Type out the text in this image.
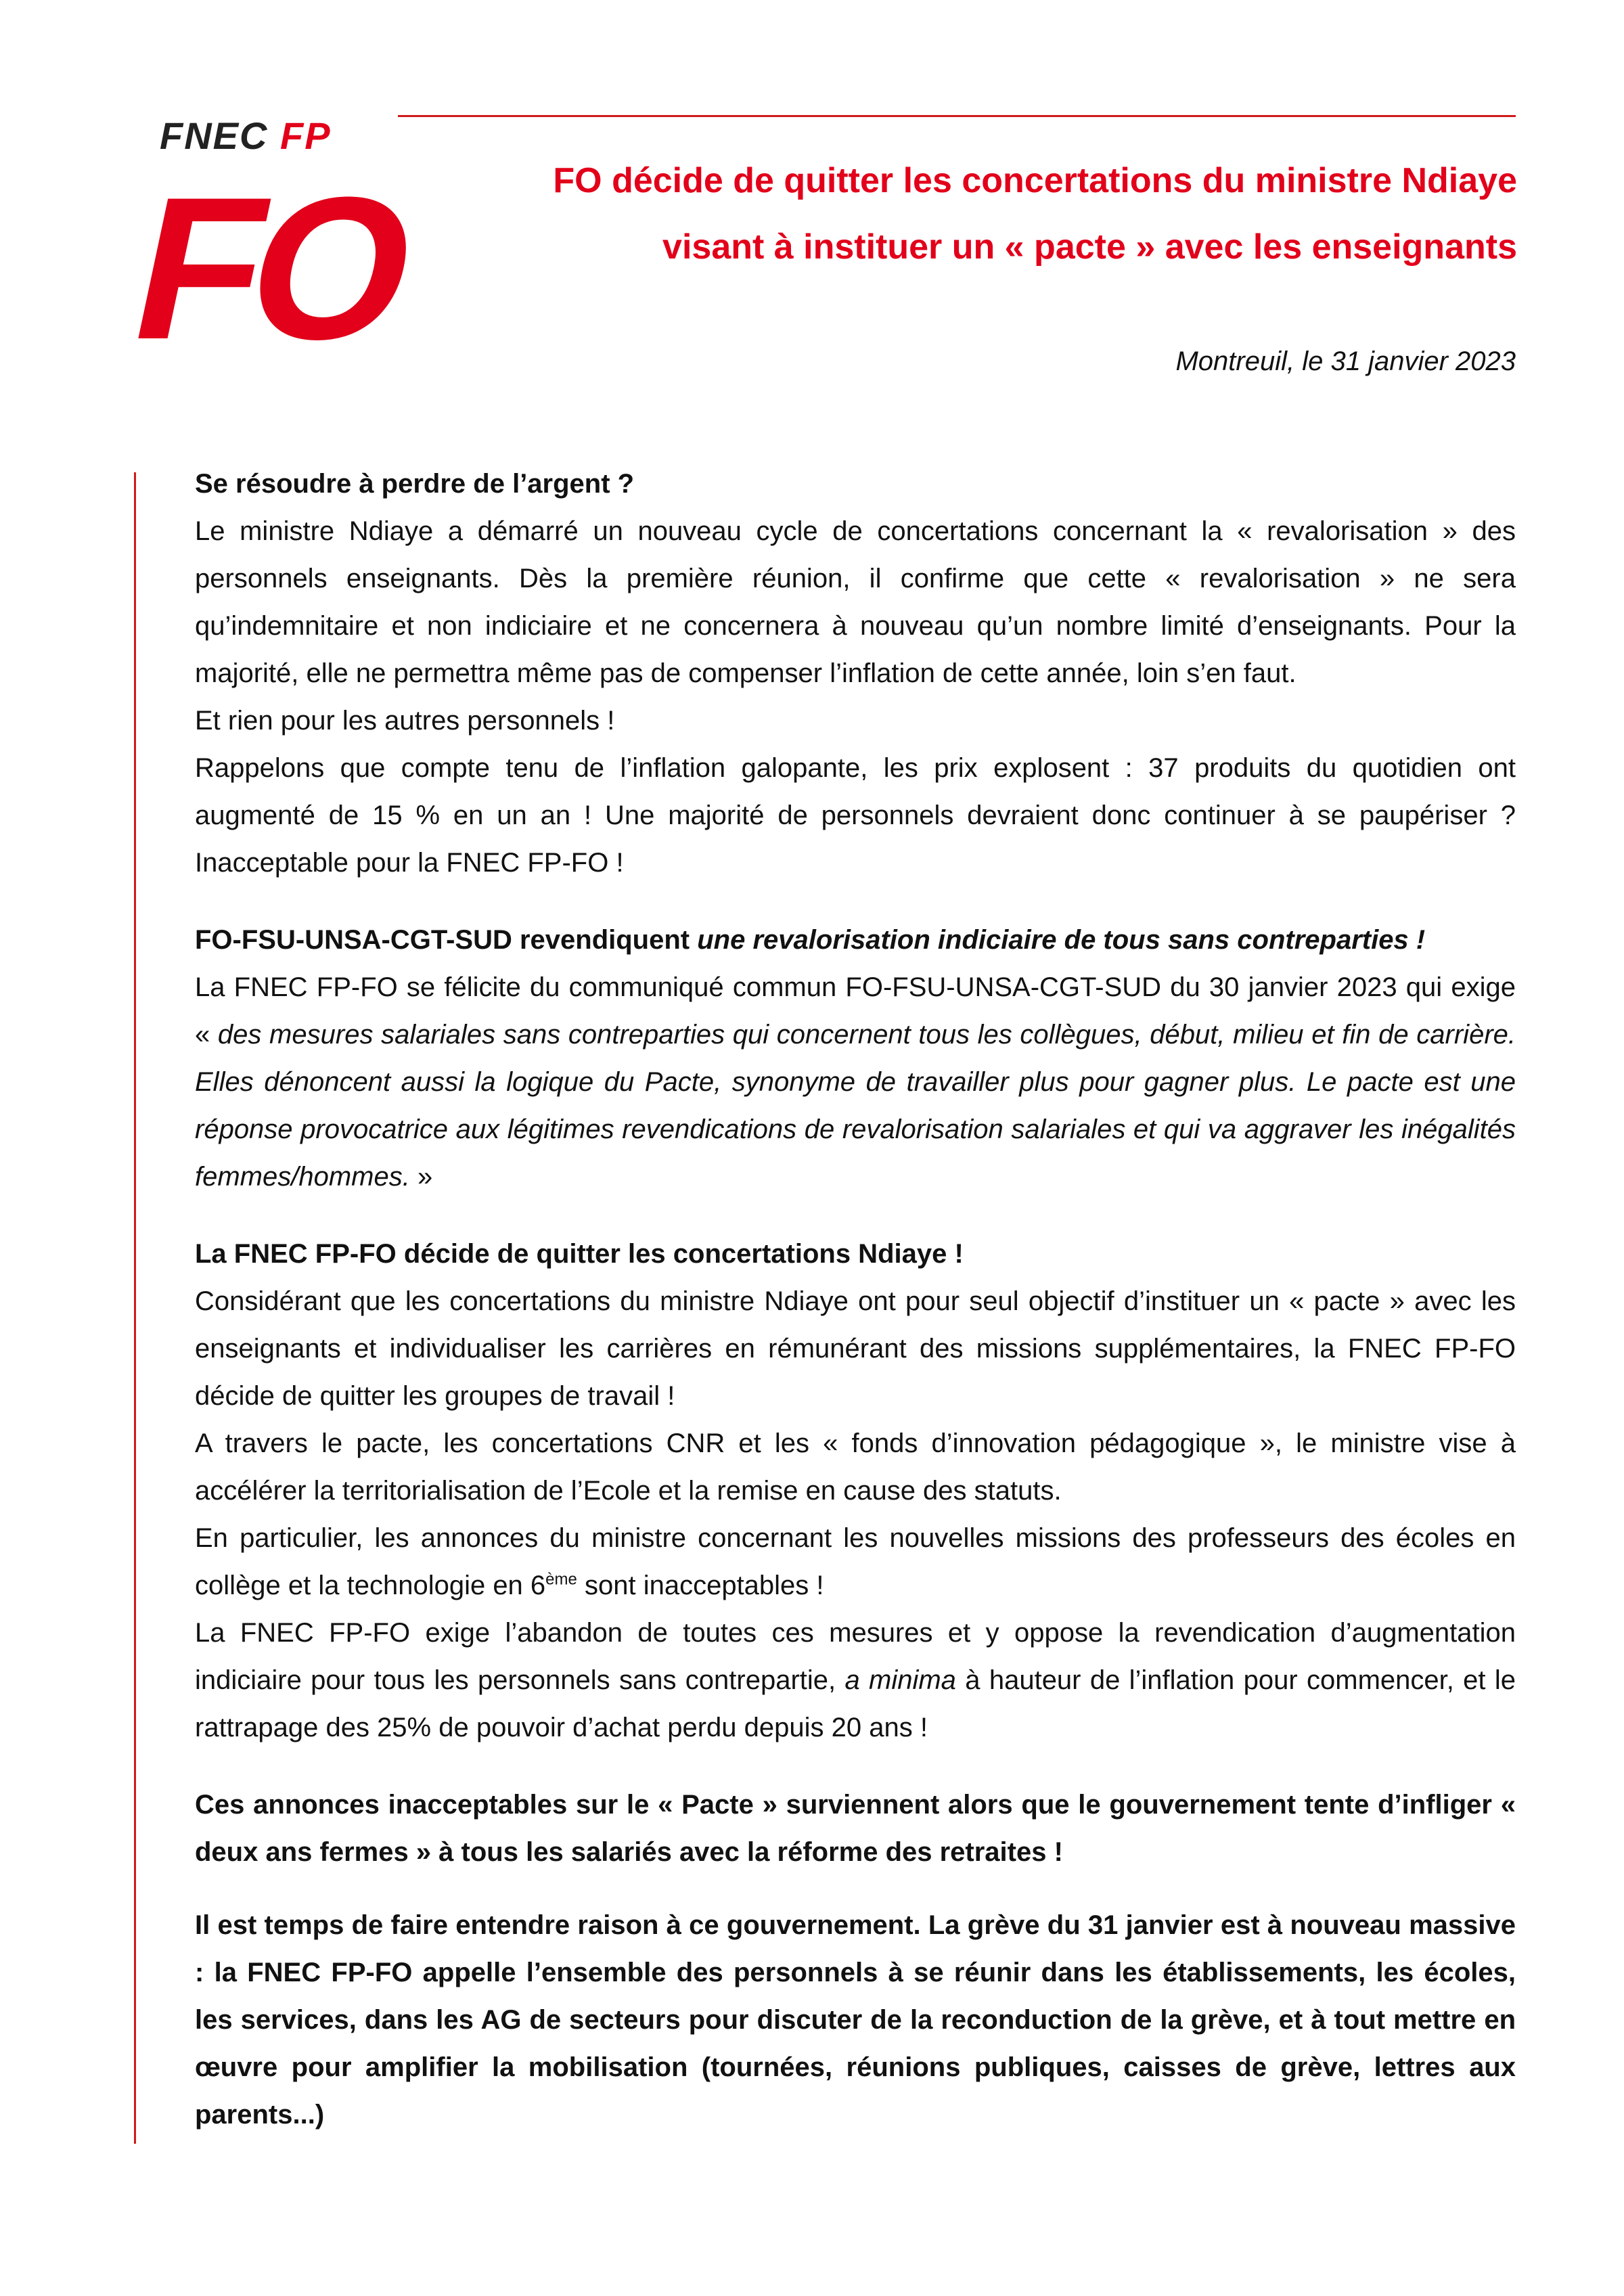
FNEC FP
FO	FO décide de quitter les concertations du ministre Ndiaye
visant à instituer un « pacte » avec les enseignants
Montreuil, le 31 janvier 2023

Se résoudre à perdre de l’argent ?

Le ministre Ndiaye a démarré un nouveau cycle de concertations concernant la « revalorisation » des personnels enseignants. Dès la première réunion, il confirme que cette « revalorisation » ne sera qu’indemnitaire et non indiciaire et ne concernera à nouveau qu’un nombre limité d’enseignants. Pour la majorité, elle ne permettra même pas de compenser l’inflation de cette année, loin s’en faut.

Et rien pour les autres personnels !

Rappelons que compte tenu de l’inflation galopante, les prix explosent : 37 produits du quotidien ont augmenté de 15 % en un an ! Une majorité de personnels devraient donc continuer à se paupériser ? Inacceptable pour la FNEC FP-FO !

FO-FSU-UNSA-CGT-SUD revendiquent une revalorisation indiciaire de tous sans contreparties !

La FNEC FP-FO se félicite du communiqué commun FO-FSU-UNSA-CGT-SUD du 30 janvier 2023 qui exige « des mesures salariales sans contreparties qui concernent tous les collègues, début, milieu et fin de carrière. Elles dénoncent aussi la logique du Pacte, synonyme de travailler plus pour gagner plus. Le pacte est une réponse provocatrice aux légitimes revendications de revalorisation salariales et qui va aggraver les inégalités femmes/hommes. »

La FNEC FP-FO décide de quitter les concertations Ndiaye !

Considérant que les concertations du ministre Ndiaye ont pour seul objectif d’instituer un « pacte » avec les enseignants et individualiser les carrières en rémunérant des missions supplémentaires, la FNEC FP-FO décide de quitter les groupes de travail !

A travers le pacte, les concertations CNR et les « fonds d’innovation pédagogique », le ministre vise à accélérer la territorialisation de l’Ecole et la remise en cause des statuts.

En particulier, les annonces du ministre concernant les nouvelles missions des professeurs des écoles en collège et la technologie en 6ème sont inacceptables !

La FNEC FP-FO exige l’abandon de toutes ces mesures et y oppose la revendication d’augmentation indiciaire pour tous les personnels sans contrepartie, a minima à hauteur de l’inflation pour commencer, et le rattrapage des 25% de pouvoir d’achat perdu depuis 20 ans !

Ces annonces inacceptables sur le « Pacte » surviennent alors que le gouvernement tente d’infliger « deux ans fermes » à tous les salariés avec la réforme des retraites !

Il est temps de faire entendre raison à ce gouvernement. La grève du 31 janvier est à nouveau massive : la FNEC FP-FO appelle l’ensemble des personnels à se réunir dans les établissements, les écoles, les services, dans les AG de secteurs pour discuter de la reconduction de la grève, et à tout mettre en œuvre pour amplifier la mobilisation (tournées, réunions publiques, caisses de grève, lettres aux parents...)
